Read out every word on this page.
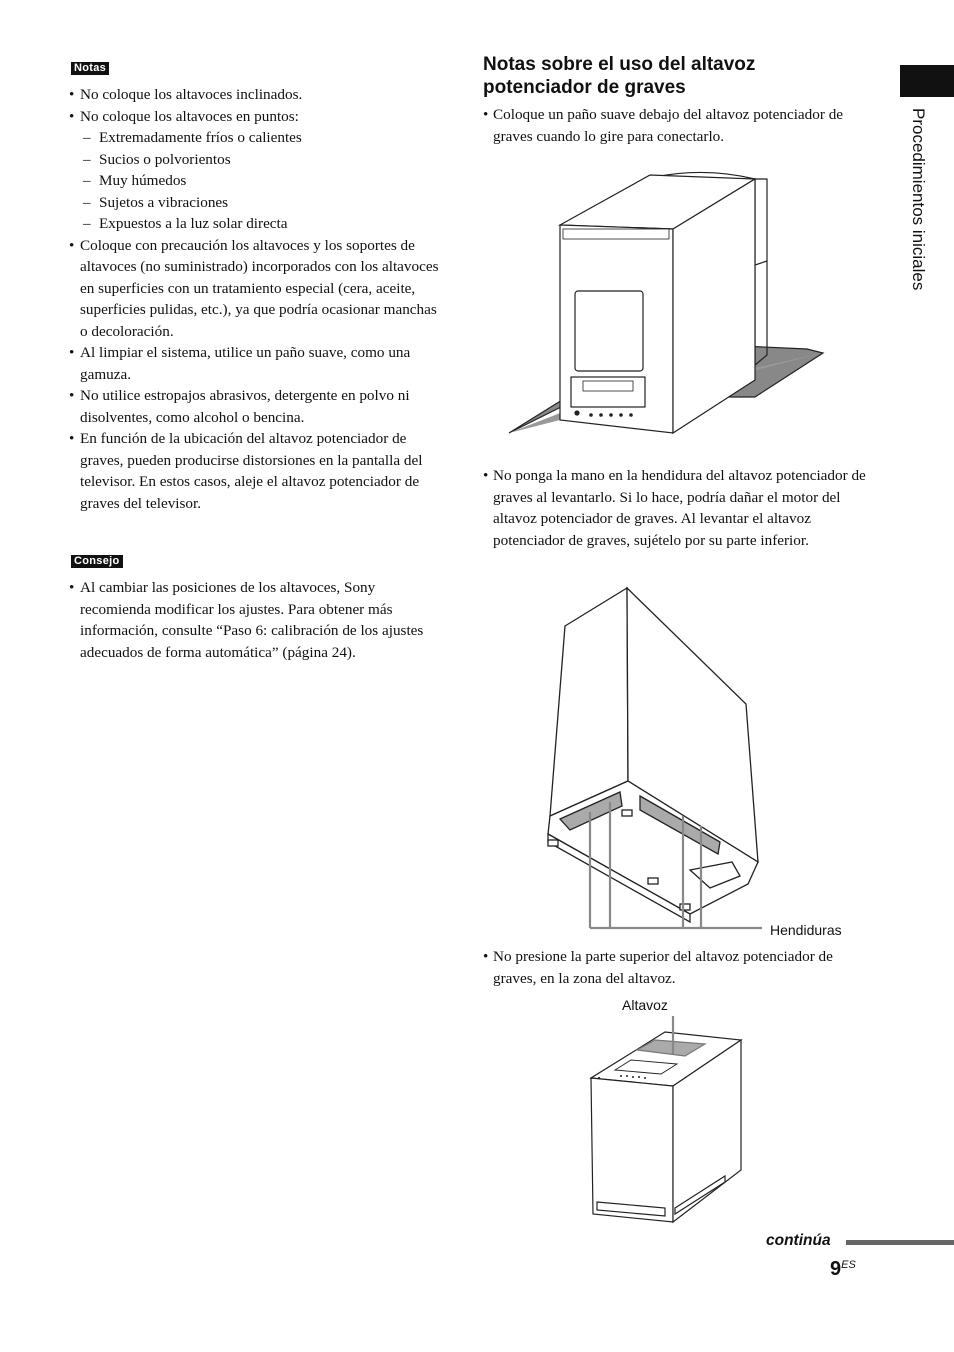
Notas
• No coloque los altavoces inclinados.
• No coloque los altavoces en puntos:
– Extremadamente fríos o calientes
– Sucios o polvorientos
– Muy húmedos
– Sujetos a vibraciones
– Expuestos a la luz solar directa
• Coloque con precaución los altavoces y los soportes de altavoces (no suministrado) incorporados con los altavoces en superficies con un tratamiento especial (cera, aceite, superficies pulidas, etc.), ya que podría ocasionar manchas o decoloración.
• Al limpiar el sistema, utilice un paño suave, como una gamuza.
• No utilice estropajos abrasivos, detergente en polvo ni disolventes, como alcohol o bencina.
• En función de la ubicación del altavoz potenciador de graves, pueden producirse distorsiones en la pantalla del televisor. En estos casos, aleje el altavoz potenciador de graves del televisor.
Consejo
• Al cambiar las posiciones de los altavoces, Sony recomienda modificar los ajustes. Para obtener más información, consulte “Paso 6: calibración de los ajustes adecuados de forma automática” (página 24).
Notas sobre el uso del altavoz potenciador de graves

• Coloque un paño suave debajo del altavoz potenciador de graves cuando lo gire para conectarlo.

• No ponga la mano en la hendidura del altavoz potenciador de graves al levantarlo. Si lo hace, podría dañar el motor del altavoz potenciador de graves. Al levantar el altavoz potenciador de graves, sujételo por su parte inferior.

Hendiduras

• No presione la parte superior del altavoz potenciador de graves, en la zona del altavoz.

Altavoz
Procedimientos iniciales
continúa
$9^{ES}$
